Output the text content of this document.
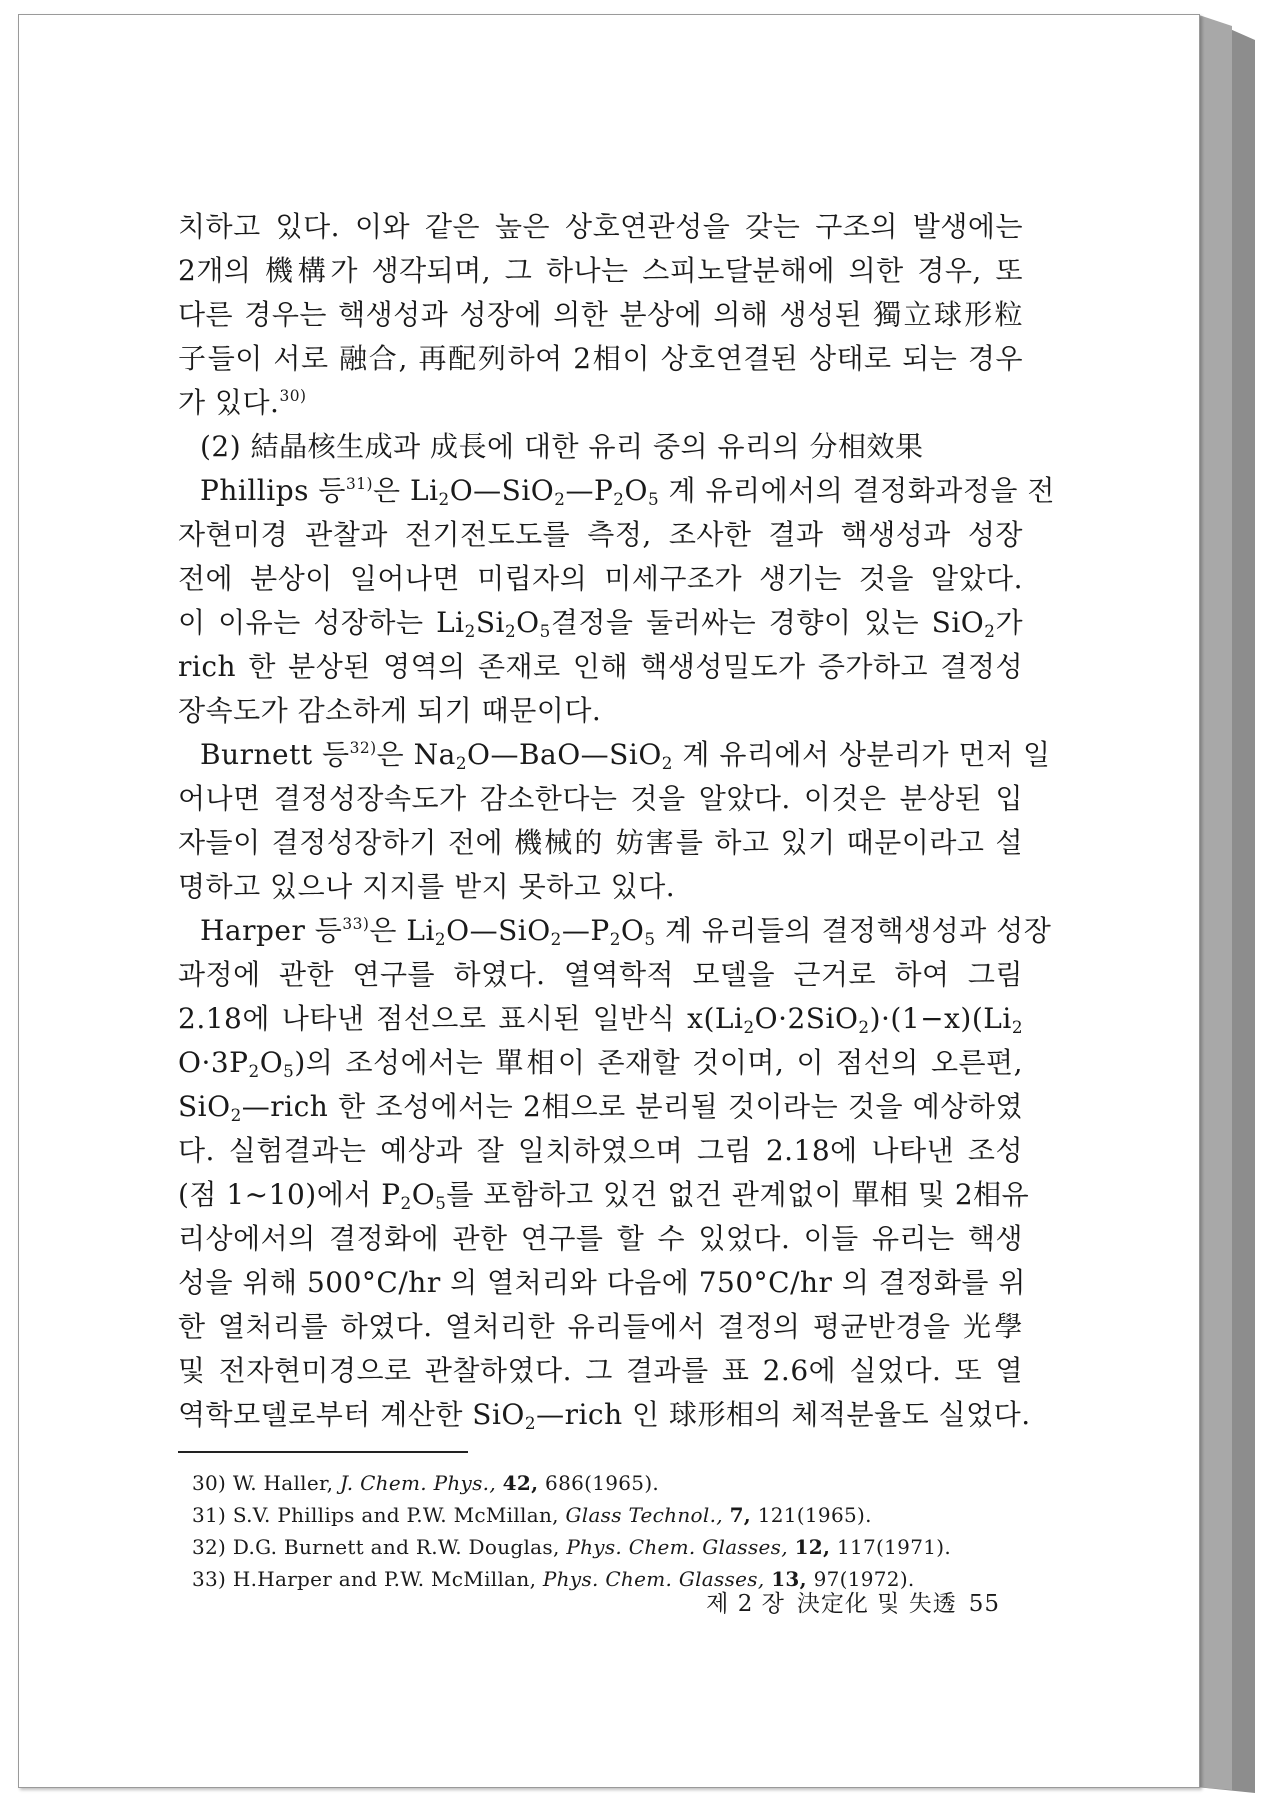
치하고 있다. 이와 같은 높은 상호연관성을 갖는 구조의 발생에는
2개의 機構가 생각되며, 그 하나는 스피노달분해에 의한 경우, 또
다른 경우는 핵생성과 성장에 의한 분상에 의해 생성된 獨立球形粒
子들이 서로 融合, 再配列하여 2相이 상호연결된 상태로 되는 경우
가 있다.$^{30)}$
(2) 結晶核生成과 成長에 대한 유리 중의 유리의 分相效果
Phillips 등$^{31)}$은 $Li_2O—SiO_2—P_2O_5$ 계 유리에서의 결정화과정을 전
자현미경 관찰과 전기전도도를 측정, 조사한 결과 핵생성과 성장
전에 분상이 일어나면 미립자의 미세구조가 생기는 것을 알았다.
이 이유는 성장하는 $Li_2Si_2O_5$결정을 둘러싸는 경향이 있는 SiO$_2$가
rich 한 분상된 영역의 존재로 인해 핵생성밀도가 증가하고 결정성
장속도가 감소하게 되기 때문이다.
Burnett 등$^{32)}$은 $Na_2O—BaO—SiO_2$ 계 유리에서 상분리가 먼저 일
어나면 결정성장속도가 감소한다는 것을 알았다. 이것은 분상된 입
자들이 결정성장하기 전에 機械的 妨害를 하고 있기 때문이라고 설
명하고 있으나 지지를 받지 못하고 있다.
Harper 등$^{33)}$은 $Li_2O—SiO_2—P_2O_5$ 계 유리들의 결정핵생성과 성장
과정에 관한 연구를 하였다. 열역학적 모델을 근거로 하여 그림
2.18에 나타낸 점선으로 표시된 일반식 $x(Li_2O\cdot 2SiO_2)\cdot(1-x)(Li_2$
$O\cdot 3P_2O_5$)의 조성에서는 單相이 존재할 것이며, 이 점선의 오른편,
SiO$_2$—rich 한 조성에서는 2相으로 분리될 것이라는 것을 예상하였
다. 실험결과는 예상과 잘 일치하였으며 그림 2.18에 나타낸 조성
(점 1~10)에서 $P_2O_5$를 포함하고 있건 없건 관계없이 單相 및 2相유
리상에서의 결정화에 관한 연구를 할 수 있었다. 이들 유리는 핵생
성을 위해 500°C/hr 의 열처리와 다음에 750°C/hr 의 결정화를 위
한 열처리를 하였다. 열처리한 유리들에서 결정의 평균반경을 光學
및 전자현미경으로 관찰하였다. 그 결과를 표 2.6에 실었다. 또 열
역학모델로부터 계산한 SiO$_2$—rich 인 球形相의 체적분율도 실었다.
30) W. Haller, J. Chem. Phys., 42, 686(1965).
31) S.V. Phillips and P.W. McMillan, Glass Technol., 7, 121(1965).
32) D.G. Burnett and R.W. Douglas, Phys. Chem. Glasses, 12, 117(1971).
33) H.Harper and P.W. McMillan, Phys. Chem. Glasses, 13, 97(1972).
제 2 장 決定化 및 失透 55
